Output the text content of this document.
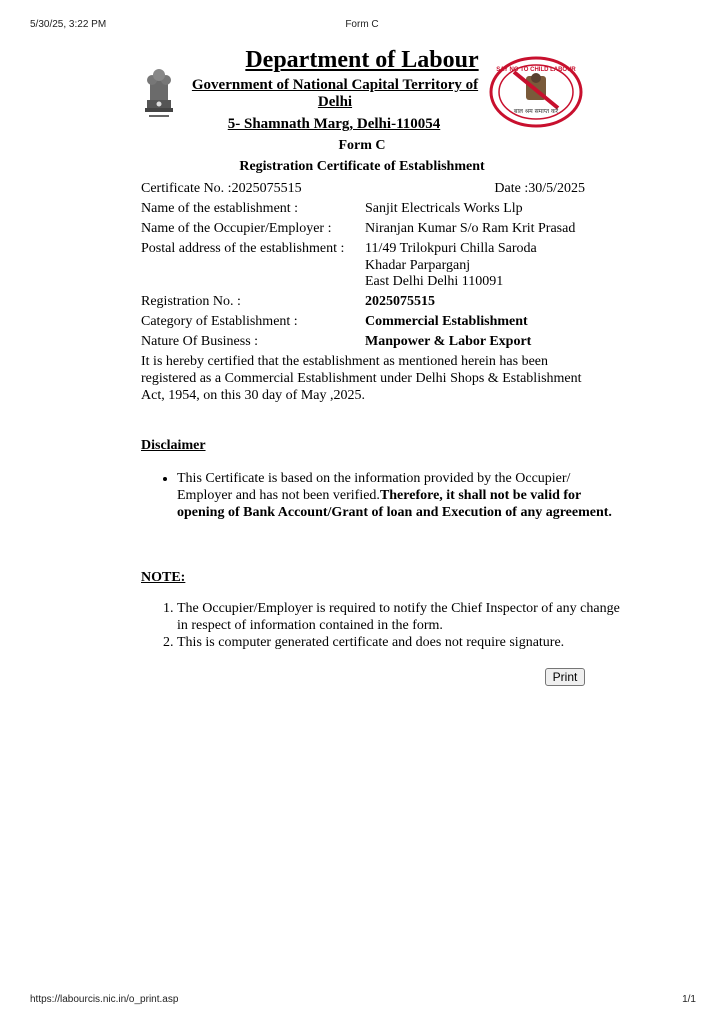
5/30/25, 3:22 PM	Form C
Department of Labour
Government of National Capital Territory of Delhi
5- Shamnath Marg, Delhi-110054
SAY NO TO CHILD LABOUR
बाल श्रम समाप्त करें
Form C
Registration Certificate of Establishment
Certificate No. :2025075515	Date :30/5/2025
Name of the establishment :	Sanjit Electricals Works Llp
Name of the Occupier/Employer : Niranjan Kumar S/o Ram Krit Prasad
Postal address of the establishment : 11/49 Trilokpuri Chilla Saroda Khadar Parparganj
East Delhi Delhi 110091
Registration No. :	2025075515
Category of Establishment :	Commercial Establishment
Nature Of Business :	Manpower & Labor Export
It is hereby certified that the establishment as mentioned herein has been registered as a Commercial Establishment under Delhi Shops & Establishment Act, 1954, on this 30 day of May ,2025.
Disclaimer
• This Certificate is based on the information provided by the Occupier/ Employer and has not been verified.Therefore, it shall not be valid for opening of Bank Account/Grant of loan and Execution of any agreement.
NOTE:
1. The Occupier/Employer is required to notify the Chief Inspector of any change in respect of information contained in the form.
2. This is computer generated certificate and does not require signature.
Print
https://labourcis.nic.in/o_print.asp	1/1
